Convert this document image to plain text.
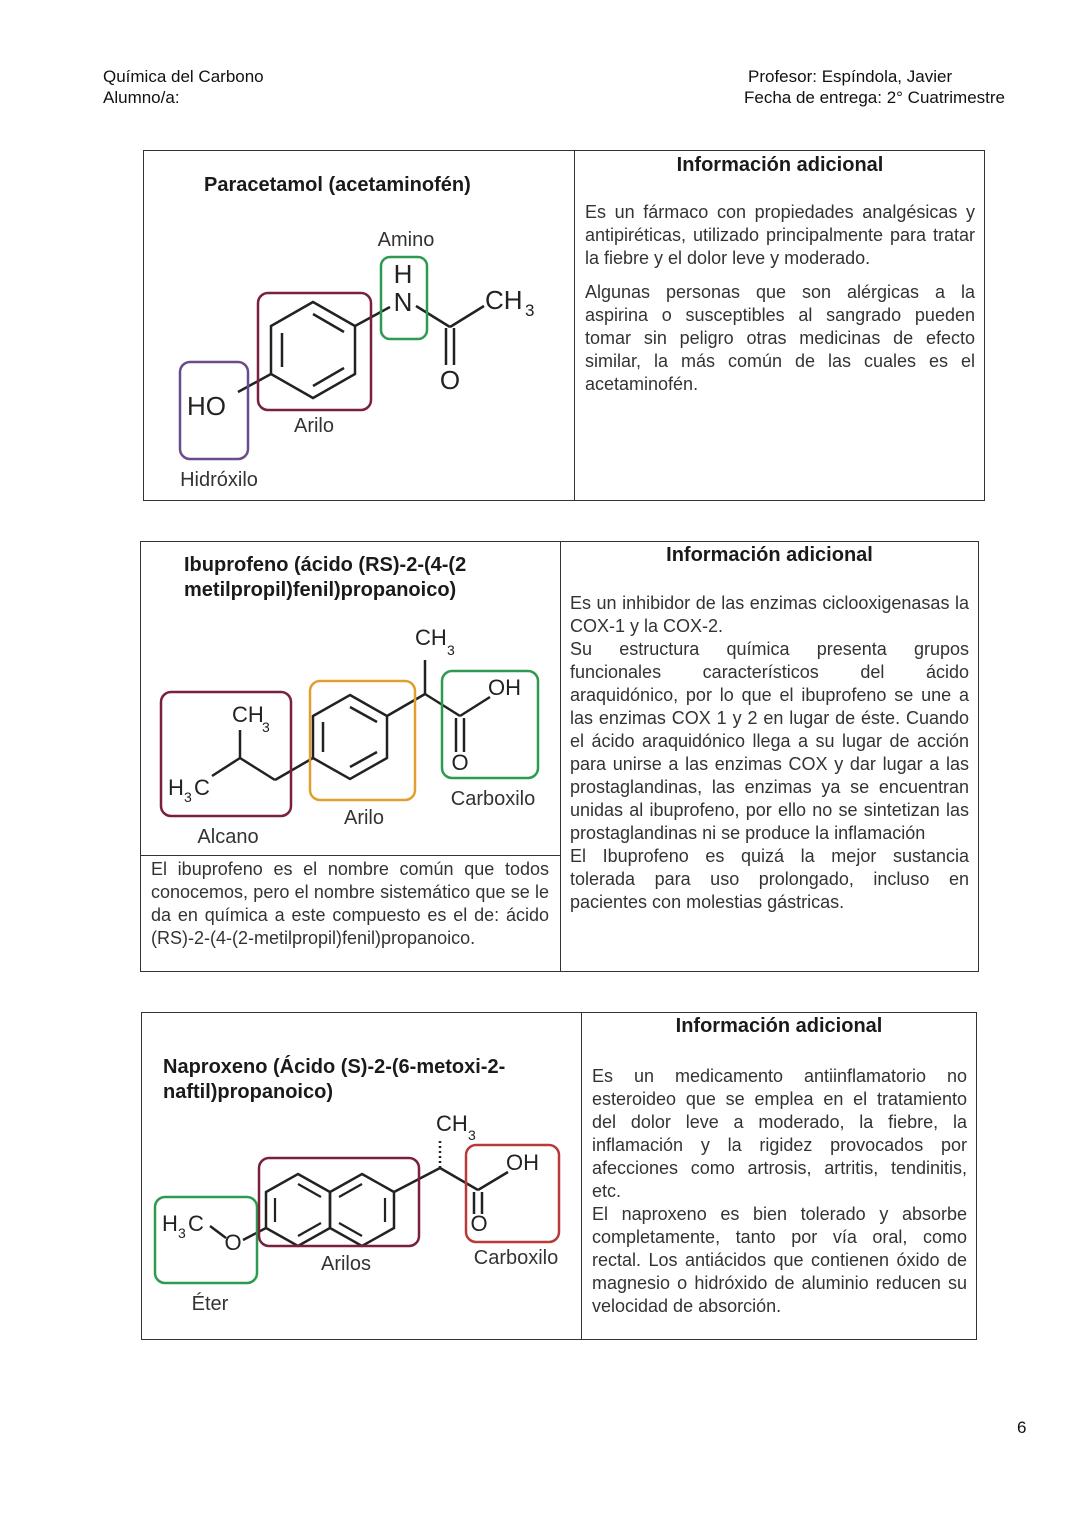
Química del Carbono
Alumno/a:
Profesor: Espíndola, Javier
Fecha de entrega: 2° Cuatrimestre
Paracetamol (acetaminofén)
Información adicional

Es un fármaco con propiedades analgésicas y antipiréticas, utilizado principalmente para tratar la fiebre y el dolor leve y moderado.

Algunas personas que son alérgicas a la aspirina o susceptibles al sangrado pueden tomar sin peligro otras medicinas de efecto similar, la más común de las cuales es el acetaminofén.

H
N	CH 3
O
HO
Amino
Arilo
Hidróxilo
Ibuprofeno (ácido (RS)-2-(4-(2 metilpropil)fenil)propanoico)
Información adicional

Es un inhibidor de las enzimas ciclooxigenasas la COX-1 y la COX-2.

Su estructura química presenta grupos funcionales característicos del ácido araquidónico, por lo que el ibuprofeno se une a las enzimas COX 1 y 2 en lugar de éste. Cuando el ácido araquidónico llega a su lugar de acción para unirse a las enzimas COX y dar lugar a las prostaglandinas, las enzimas ya se encuentran unidas al ibuprofeno, por ello no se sintetizan las prostaglandinas ni se produce la inflamación

El Ibuprofeno es quizá la mejor sustancia tolerada para uso prolongado, incluso en pacientes con molestias gástricas.

El ibuprofeno es el nombre común que todos conocemos, pero el nombre sistemático que se le da en química a este compuesto es el de: ácido (RS)-2-(4-(2-metilpropil)fenil)propanoico.
CH 3
CH
3
H 3 C
OH
O
Alcano
Arilo
Carboxilo
Naproxeno (Ácido (S)-2-(6-metoxi-2-naftil)propanoico)
Información adicional

Es un medicamento antiinflamatorio no esteroideo que se emplea en el tratamiento del dolor leve a moderado, la fiebre, la inflamación y la rigidez provocados por afecciones como artrosis, artritis, tendinitis, etc.

El naproxeno es bien tolerado y absorbe completamente, tanto por vía oral, como rectal. Los antiácidos que contienen óxido de magnesio o hidróxido de aluminio reducen su velocidad de absorción.

CH 3
H 3 C
O
OH
O
Éter
Arilos	Carboxilo
6
